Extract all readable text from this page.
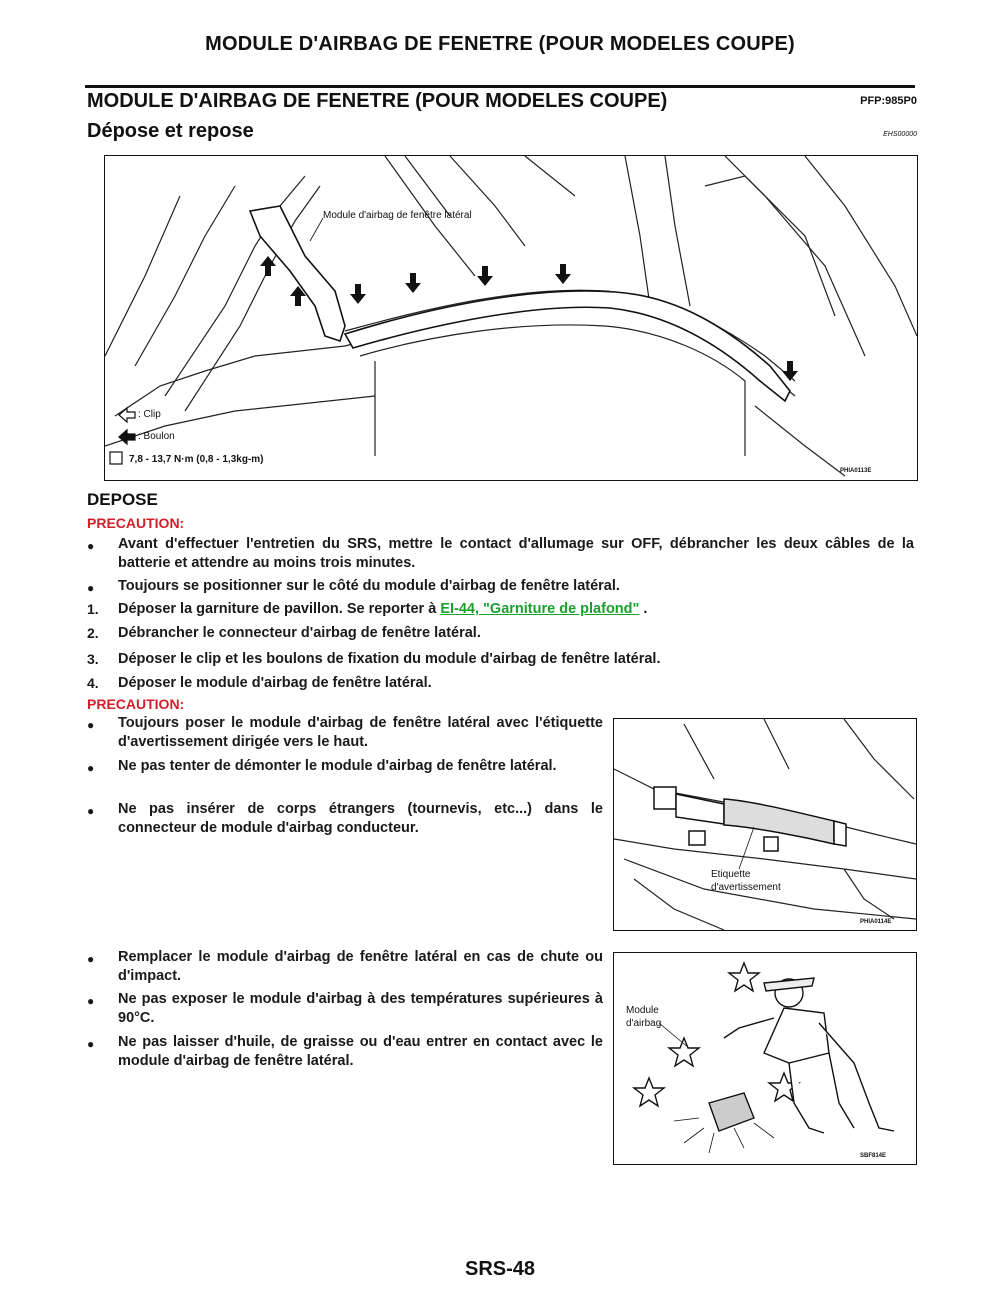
MODULE D'AIRBAG DE FENETRE (POUR MODELES COUPE)
MODULE D'AIRBAG DE FENETRE (POUR MODELES COUPE)	PFP:985P0
Dépose et repose	EHS00000
Module d'airbag de fenêtre latéral
: Clip
: Boulon
7,8 - 13,7 N·m (0,8 - 1,3kg-m)
PHIA0113E
DEPOSE
PRECAUTION:
● Avant d'effectuer l'entretien du SRS, mettre le contact d'allumage sur OFF, débrancher les deux câbles de la batterie et attendre au moins trois minutes.
● Toujours se positionner sur le côté du module d'airbag de fenêtre latéral.
1. Déposer la garniture de pavillon. Se reporter à EI-44, "Garniture de plafond" .
2. Débrancher le connecteur d'airbag de fenêtre latéral.
3. Déposer le clip et les boulons de fixation du module d'airbag de fenêtre latéral.
4. Déposer le module d'airbag de fenêtre latéral.
PRECAUTION:
● Toujours poser le module d'airbag de fenêtre latéral avec l'étiquette d'avertissement dirigée vers le haut.
● Ne pas tenter de démonter le module d'airbag de fenêtre latéral.
● Ne pas insérer de corps étrangers (tournevis, etc...) dans le connecteur de module d'airbag conducteur.
● Remplacer le module d'airbag de fenêtre latéral en cas de chute ou d'impact.
● Ne pas exposer le module d'airbag à des températures supérieures à 90°C.
● Ne pas laisser d'huile, de graisse ou d'eau entrer en contact avec le module d'airbag de fenêtre latéral.
Etiquette
d'avertissement
PHIA0114E
Module
d'airbag
SBF814E
SRS-48
